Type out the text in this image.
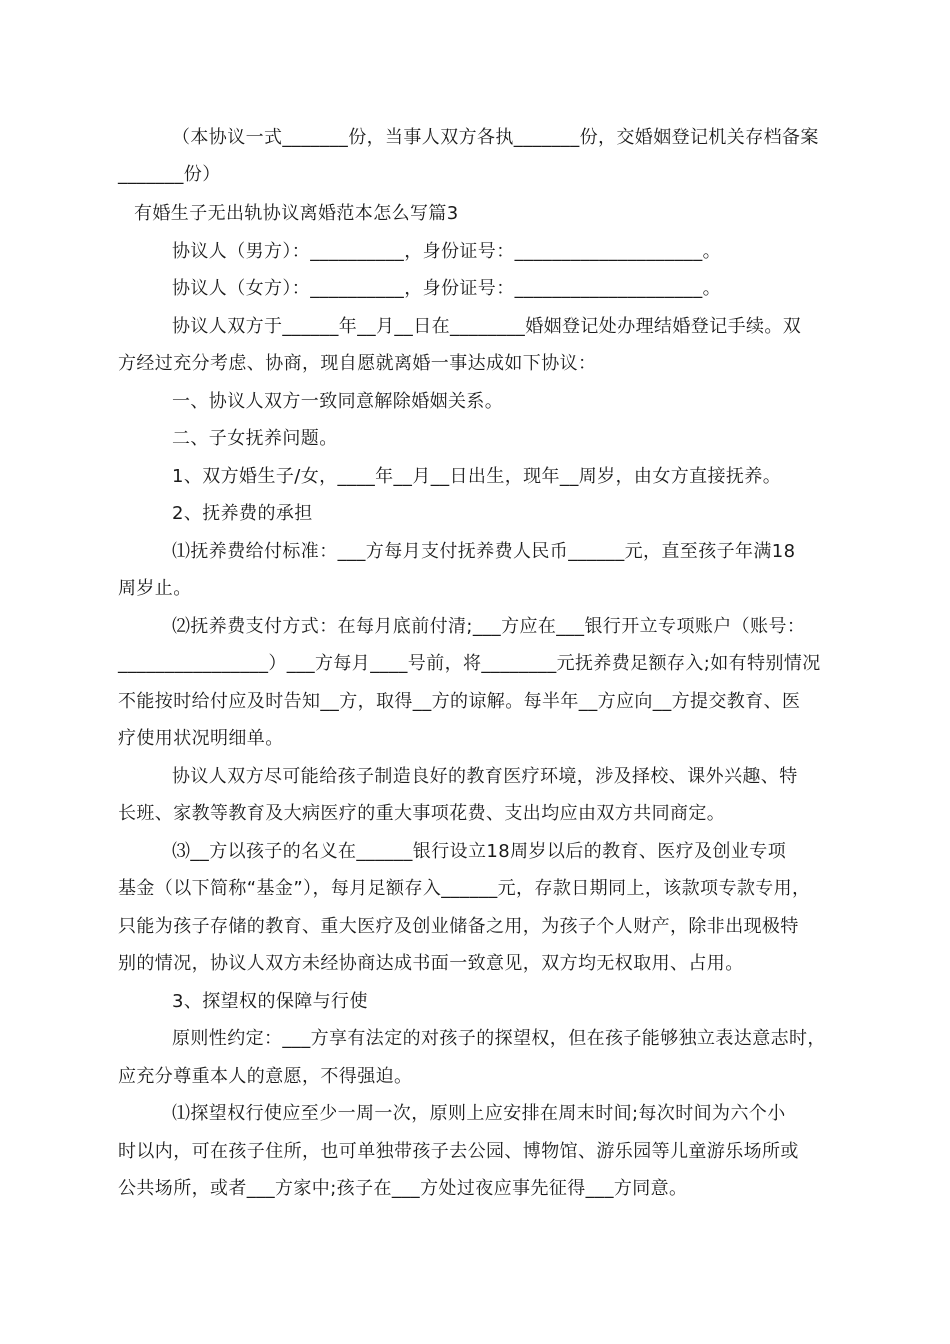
（本协议一式_______份，当事人双方各执_______份，交婚姻登记机关存档备案
_______份）
有婚生子无出轨协议离婚范本怎么写篇3
协议人（男方）：__________，身份证号：____________________。
协议人（女方）：__________，身份证号：____________________。
协议人双方于______年__月__日在________婚姻登记处办理结婚登记手续。双
方经过充分考虑、协商，现自愿就离婚一事达成如下协议：
一、协议人双方一致同意解除婚姻关系。
二、子女抚养问题。
1、双方婚生子/女，____年__月__日出生，现年__周岁，由女方直接抚养。
2、抚养费的承担
⑴抚养费给付标准：___方每月支付抚养费人民币______元，直至孩子年满18
周岁止。
⑵抚养费支付方式：在每月底前付清;___方应在___银行开立专项账户（账号：
________________）___方每月____号前，将________元抚养费足额存入;如有特别情况
不能按时给付应及时告知__方，取得__方的谅解。每半年__方应向__方提交教育、医
疗使用状况明细单。
协议人双方尽可能给孩子制造良好的教育医疗环境，涉及择校、课外兴趣、特
长班、家教等教育及大病医疗的重大事项花费、支出均应由双方共同商定。
⑶__方以孩子的名义在______银行设立18周岁以后的教育、医疗及创业专项
基金（以下简称“基金”），每月足额存入______元，存款日期同上，该款项专款专用，
只能为孩子存储的教育、重大医疗及创业储备之用，为孩子个人财产，除非出现极特
别的情况，协议人双方未经协商达成书面一致意见，双方均无权取用、占用。
3、探望权的保障与行使
原则性约定：___方享有法定的对孩子的探望权，但在孩子能够独立表达意志时，
应充分尊重本人的意愿，不得强迫。
⑴探望权行使应至少一周一次，原则上应安排在周末时间;每次时间为六个小
时以内，可在孩子住所，也可单独带孩子去公园、博物馆、游乐园等儿童游乐场所或
公共场所，或者___方家中;孩子在___方处过夜应事先征得___方同意。
